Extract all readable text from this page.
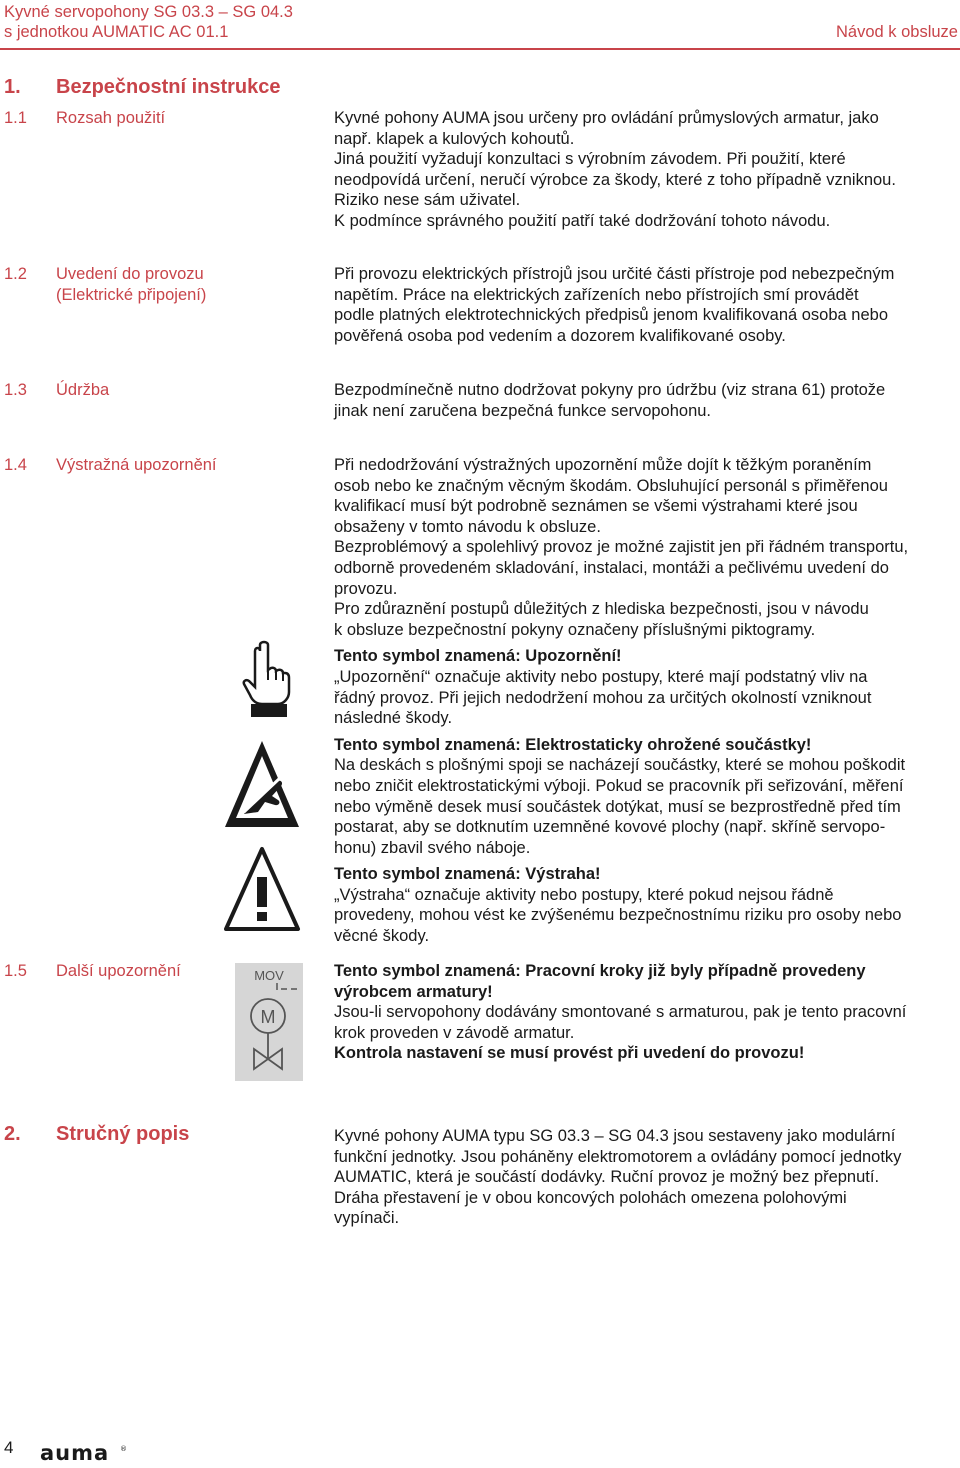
Kyvné servopohony SG 03.3 – SG 04.3
s jednotkou AUMATIC AC 01.1	Návod k obsluze
1. Bezpečnostní instrukce
1.1 Rozsah použití	Kyvné pohony AUMA jsou určeny pro ovládání průmyslových armatur, jako

např. klapek a kulových kohoutů.

Jiná použití vyžadují konzultaci s výrobním závodem. Při použití, které

neodpovídá určení, neručí výrobce za škody, které z toho případně vzniknou.

Riziko nese sám uživatel.

K podmínce správného použití patří také dodržování tohoto návodu.

1.2 Uvedení do provozu
(Elektrické připojení)

Při provozu elektrických přístrojů jsou určité části přístroje pod nebezpečným

napětím. Práce na elektrických zařízeních nebo přístrojích smí provádět

podle platných elektrotechnických předpisů jenom kvalifikovaná osoba nebo

pověřená osoba pod vedením a dozorem kvalifikované osoby.

1.3 Údržba	Bezpodmínečně nutno dodržovat pokyny pro údržbu (viz strana 61) protože

jinak není zaručena bezpečná funkce servopohonu.

1.4 Výstražná upozornění	Při nedodržování výstražných upozornění může dojít k těžkým poraněním

osob nebo ke značným věcným škodám. Obsluhující personál s přiměřenou

kvalifikací musí být podrobně seznámen se všemi výstrahami které jsou

obsaženy v tomto návodu k obsluze.

Bezproblémový a spolehlivý provoz je možné zajistit jen při řádném transportu,

odborně provedeném skladování, instalaci, montáži a pečlivému uvedení do

provozu.

Pro zdůraznění postupů důležitých z hlediska bezpečnosti, jsou v návodu

k obsluze bezpečnostní pokyny označeny příslušnými piktogramy.

Tento symbol znamená: Upozornění!

„Upozornění“ označuje aktivity nebo postupy, které mají podstatný vliv na

řádný provoz. Při jejich nedodržení mohou za určitých okolností vzniknout

následné škody.

Tento symbol znamená: Elektrostaticky ohrožené součástky!

Na deskách s plošnými spoji se nacházejí součástky, které se mohou poškodit

nebo zničit elektrostatickými výboji. Pokud se pracovník při seřizování, měření

nebo výměně desek musí součástek dotýkat, musí se bezprostředně před tím

postarat, aby se dotknutím uzemněné kovové plochy (např. skříně servopo-

honu) zbavil svého náboje.

Tento symbol znamená: Výstraha!

„Výstraha“ označuje aktivity nebo postupy, které pokud nejsou řádně

provedeny, mohou vést ke zvýšenému bezpečnostnímu riziku pro osoby nebo

věcné škody.

1.5 Další upozornění	Tento symbol znamená: Pracovní kroky již byly případně provedeny

výrobcem armatury!

Jsou-li servopohony dodávány smontované s armaturou, pak je tento pracovní

krok proveden v závodě armatur.

Kontrola nastavení se musí provést při uvedení do provozu!

MOV
M
2. Stručný popis	Kyvné pohony AUMA typu SG 03.3 – SG 04.3 jsou sestaveny jako modulární

funkční jednotky. Jsou poháněny elektromotorem a ovládány pomocí jednotky

AUMATIC, která je součástí dodávky. Ruční provoz je možný bez přepnutí.

Dráha přestavení je v obou koncových polohách omezena polohovými

vypínači.

4 auma ®
